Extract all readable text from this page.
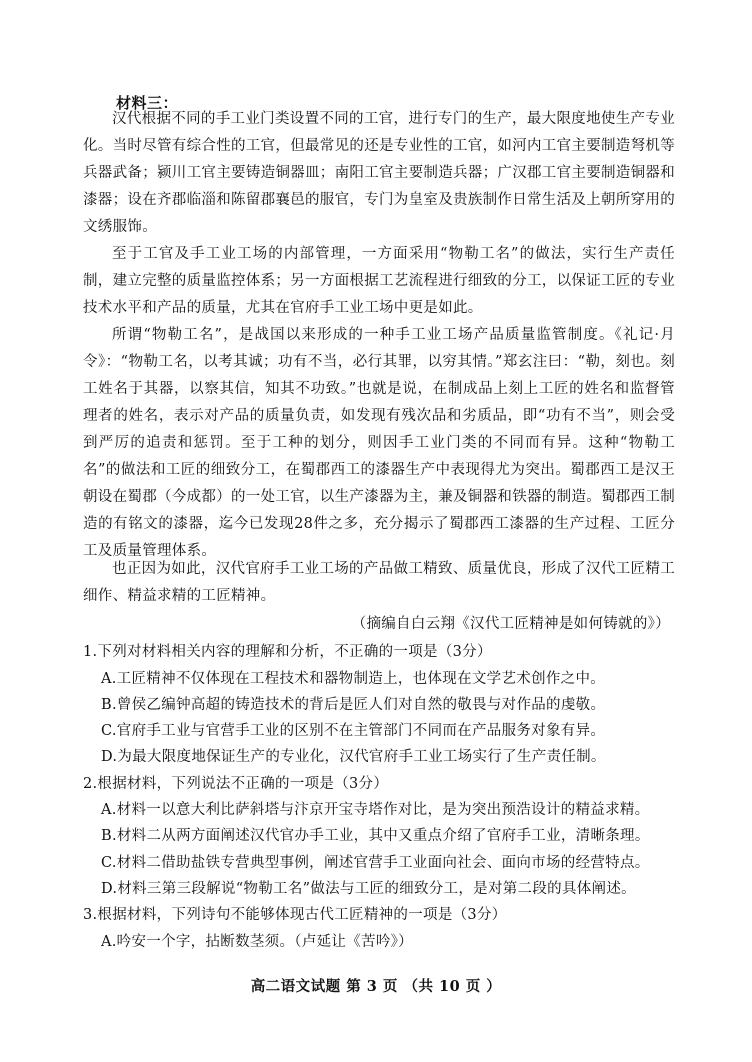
材料三：

汉代根据不同的手工业门类设置不同的工官，进行专门的生产，最大限度地使生产专业化。当时尽管有综合性的工官，但最常见的还是专业性的工官，如河内工官主要制造弩机等兵器武备；颍川工官主要铸造铜器皿；南阳工官主要制造兵器；广汉郡工官主要制造铜器和漆器；设在齐郡临淄和陈留郡襄邑的服官，专门为皇室及贵族制作日常生活及上朝所穿用的文绣服饰。

至于工官及手工业工场的内部管理，一方面采用“物勒工名”的做法，实行生产责任制，建立完整的质量监控体系；另一方面根据工艺流程进行细致的分工，以保证工匠的专业技术水平和产品的质量，尤其在官府手工业工场中更是如此。

所谓“物勒工名”，是战国以来形成的一种手工业工场产品质量监管制度。《礼记·月令》：“物勒工名，以考其诚；功有不当，必行其罪，以穷其情。”郑玄注曰：“勒，刻也。刻工姓名于其器，以察其信，知其不功致。”也就是说，在制成品上刻上工匠的姓名和监督管理者的姓名，表示对产品的质量负责，如发现有残次品和劣质品，即“功有不当”，则会受到严厉的追责和惩罚。至于工种的划分，则因手工业门类的不同而有异。这种“物勒工名”的做法和工匠的细致分工，在蜀郡西工的漆器生产中表现得尤为突出。蜀郡西工是汉王朝设在蜀郡（今成都）的一处工官，以生产漆器为主，兼及铜器和铁器的制造。蜀郡西工制造的有铭文的漆器，迄今已发现28件之多，充分揭示了蜀郡西工漆器的生产过程、工匠分工及质量管理体系。

也正因为如此，汉代官府手工业工场的产品做工精致、质量优良，形成了汉代工匠精工细作、精益求精的工匠精神。

（摘编自白云翔《汉代工匠精神是如何铸就的》）
1.下列对材料相关内容的理解和分析，不正确的一项是（3分）
A.工匠精神不仅体现在工程技术和器物制造上，也体现在文学艺术创作之中。
B.曾侯乙编钟高超的铸造技术的背后是匠人们对自然的敬畏与对作品的虔敬。
C.官府手工业与官营手工业的区别不在主管部门不同而在产品服务对象有异。
D.为最大限度地保证生产的专业化，汉代官府手工业工场实行了生产责任制。
2.根据材料，下列说法不正确的一项是（3分）
A.材料一以意大利比萨斜塔与汴京开宝寺塔作对比，是为突出预浩设计的精益求精。
B.材料二从两方面阐述汉代官办手工业，其中又重点介绍了官府手工业，清晰条理。
C.材料二借助盐铁专营典型事例，阐述官营手工业面向社会、面向市场的经营特点。
D.材料三第三段解说“物勒工名”做法与工匠的细致分工，是对第二段的具体阐述。
3.根据材料，下列诗句不能够体现古代工匠精神的一项是（3分）
A.吟安一个字，拈断数茎须。（卢延让《苦吟》）
高二语文试题 第 3 页 （共 10 页 ）
